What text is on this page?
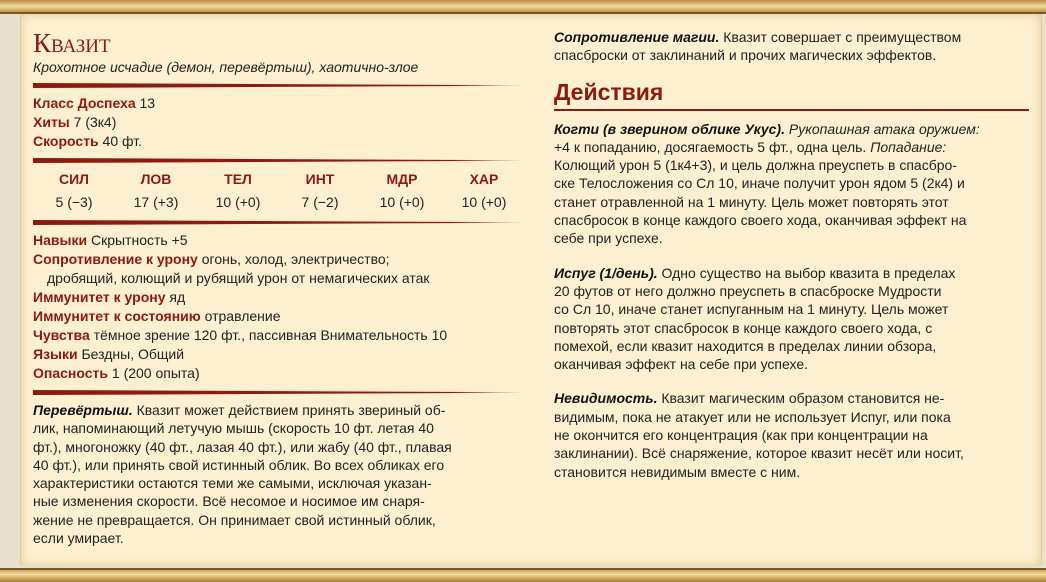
Квазит
Крохотное исчадие (демон, перевёртыш), хаотично-злое
Класс Доспеха 13
Хиты 7 (3к4)
Скорость 40 фт.
СИЛ
5 (−3)
ЛОВ
17 (+3)
ТЕЛ
10 (+0)
ИНТ
7 (−2)
МДР
10 (+0)
ХАР
10 (+0)
Навыки Скрытность +5
Сопротивление к урону огонь, холод, электричество;
дробящий, колющий и рубящий урон от немагических атак
Иммунитет к урону яд
Иммунитет к состоянию отравление
Чувства тёмное зрение 120 фт., пассивная Внимательность 10
Языки Бездны, Общий
Опасность 1 (200 опыта)
Перевёртыш. Квазит может действием принять звериный об-
лик, напоминающий летучую мышь (скорость 10 фт. летая 40
фт.), многоножку (40 фт., лазая 40 фт.), или жабу (40 фт., плавая
40 фт.), или принять свой истинный облик. Во всех обликах его
характеристики остаются теми же самыми, исключая указан-
ные изменения скорости. Всё несомое и носимое им снаря-
жение не превращается. Он принимает свой истинный облик,
если умирает.
Сопротивление магии. Квазит совершает с преимуществом
спасброски от заклинаний и прочих магических эффектов.
Действия
Когти (в зверином облике Укус). Рукопашная атака оружием:
+4 к попаданию, досягаемость 5 фт., одна цель. Попадание:
Колющий урон 5 (1к4+3), и цель должна преуспеть в спасбро-
ске Телосложения со Сл 10, иначе получит урон ядом 5 (2к4) и
станет отравленной на 1 минуту. Цель может повторять этот
спасбросок в конце каждого своего хода, оканчивая эффект на
себе при успехе.
Испуг (1/день). Одно существо на выбор квазита в пределах
20 футов от него должно преуспеть в спасброске Мудрости
со Сл 10, иначе станет испуганным на 1 минуту. Цель может
повторять этот спасбросок в конце каждого своего хода, с
помехой, если квазит находится в пределах линии обзора,
оканчивая эффект на себе при успехе.
Невидимость. Квазит магическим образом становится не-
видимым, пока не атакует или не использует Испуг, или пока
не окончится его концентрация (как при концентрации на
заклинании). Всё снаряжение, которое квазит несёт или носит,
становится невидимым вместе с ним.
